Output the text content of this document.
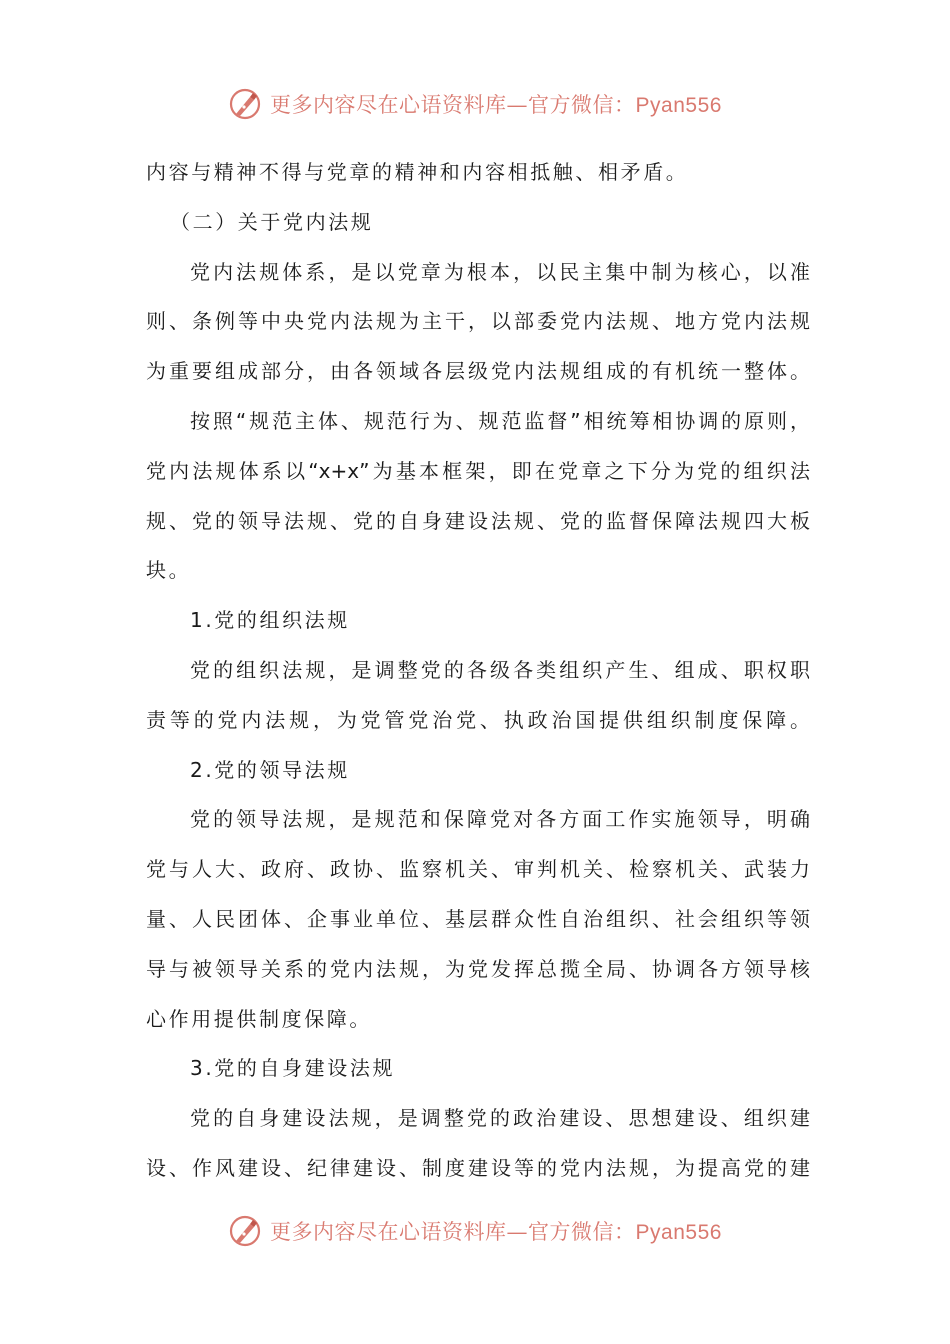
更多内容尽在心语资料库—官方微信：Pyan556
内容与精神不得与党章的精神和内容相抵触、相矛盾。
（二）关于党内法规
党内法规体系，是以党章为根本，以民主集中制为核心，以准
则、条例等中央党内法规为主干，以部委党内法规、地方党内法规
为重要组成部分，由各领域各层级党内法规组成的有机统一整体。
按照“规范主体、规范行为、规范监督”相统筹相协调的原则，
党内法规体系以“x+x”为基本框架，即在党章之下分为党的组织法
规、党的领导法规、党的自身建设法规、党的监督保障法规四大板
块。
1.党的组织法规
党的组织法规，是调整党的各级各类组织产生、组成、职权职
责等的党内法规，为党管党治党、执政治国提供组织制度保障。
2.党的领导法规
党的领导法规，是规范和保障党对各方面工作实施领导，明确
党与人大、政府、政协、监察机关、审判机关、检察机关、武装力
量、人民团体、企事业单位、基层群众性自治组织、社会组织等领
导与被领导关系的党内法规，为党发挥总揽全局、协调各方领导核
心作用提供制度保障。
3.党的自身建设法规
党的自身建设法规，是调整党的政治建设、思想建设、组织建
设、作风建设、纪律建设、制度建设等的党内法规，为提高党的建
更多内容尽在心语资料库—官方微信：Pyan556
